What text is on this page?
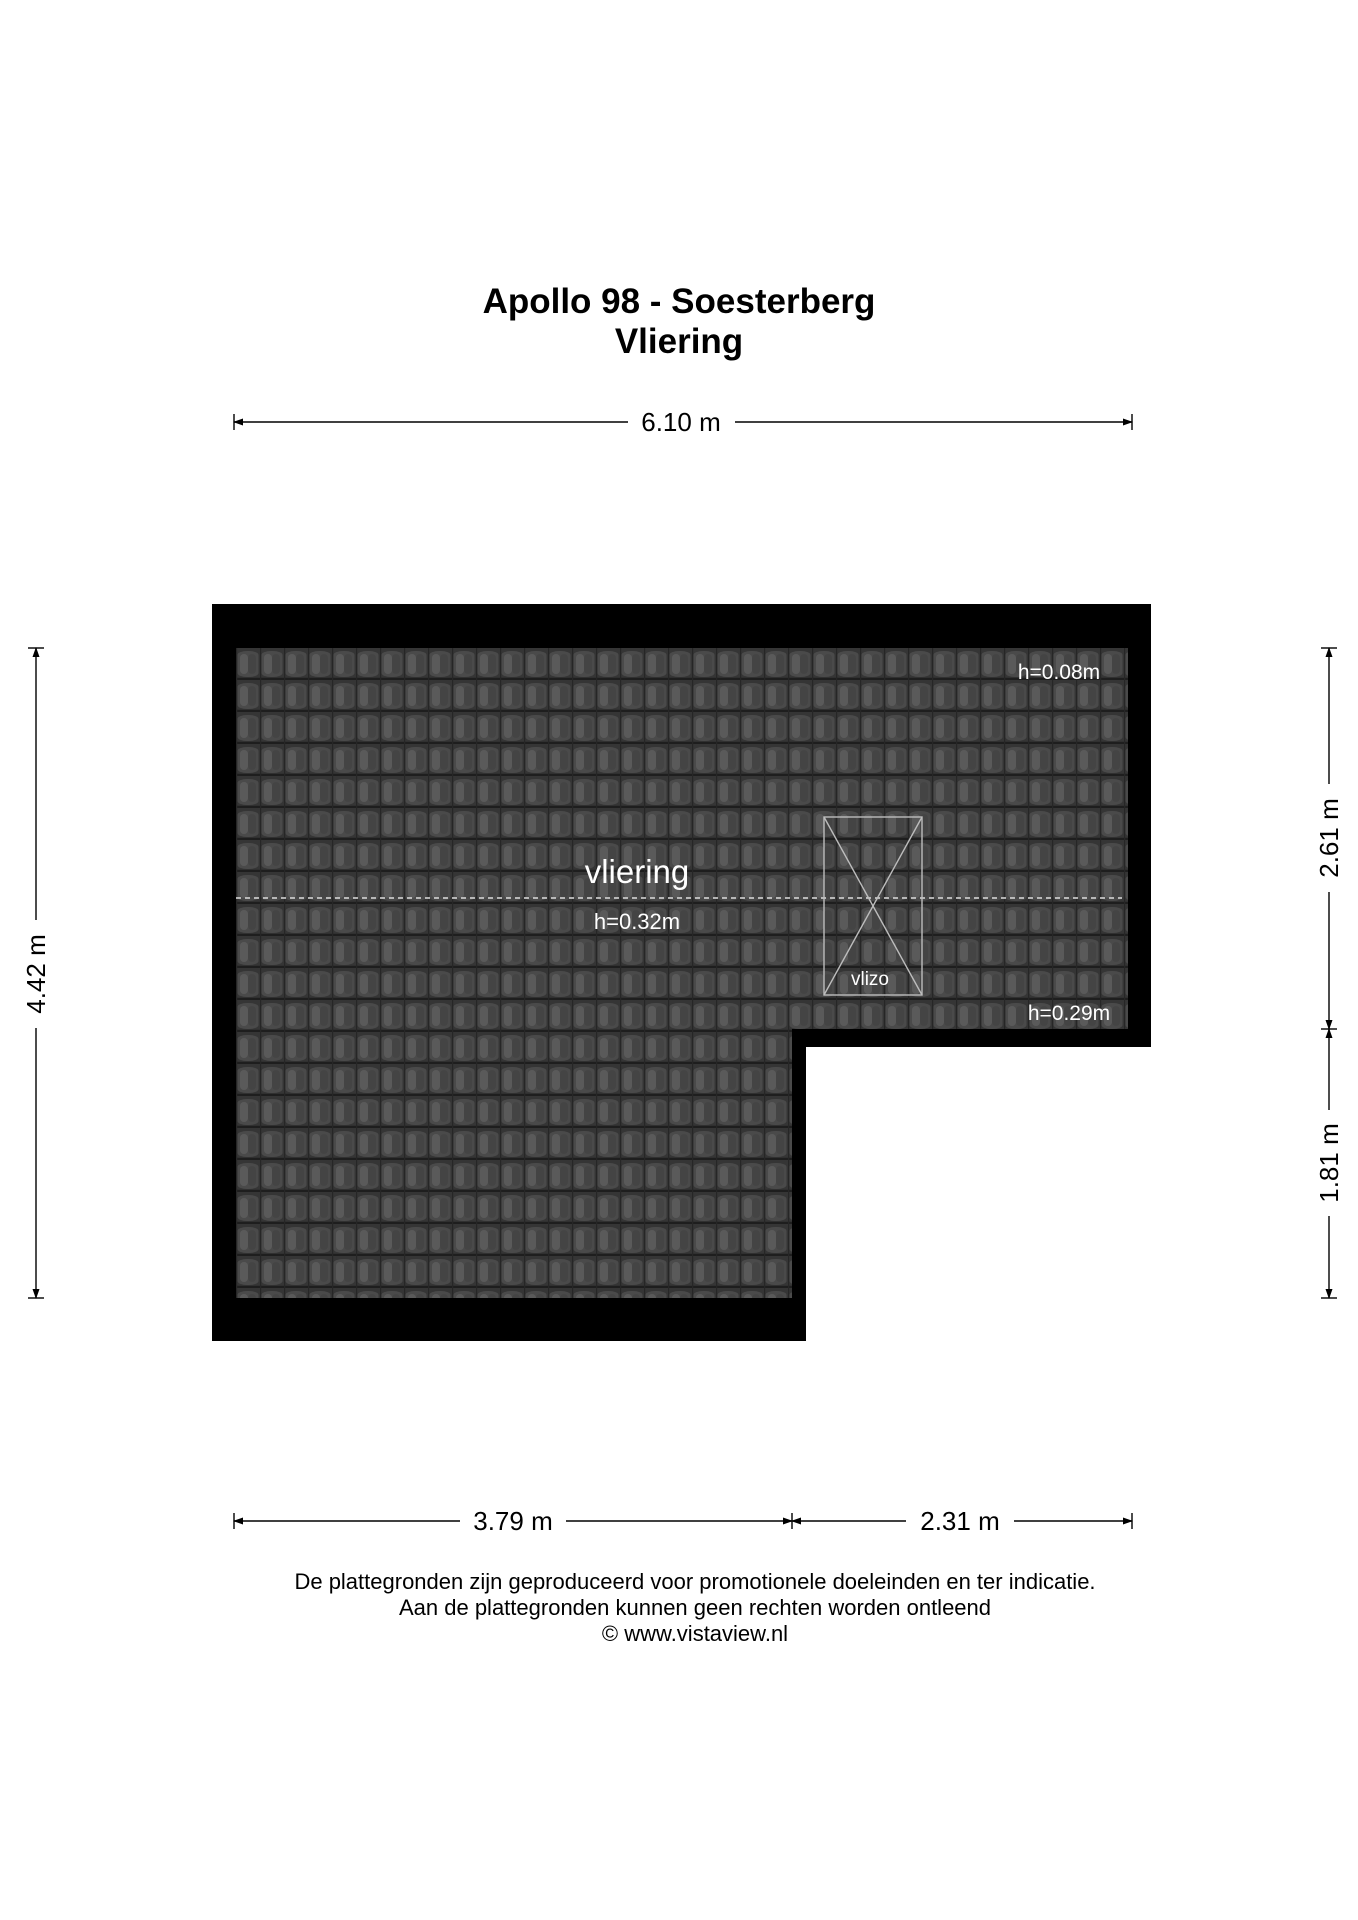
Apollo 98 - Soesterberg
Vliering
vliering
h=0.32m
h=0.08m
h=0.29m
vlizo
6.10 m
4.42 m
2.61 m
1.81 m
3.79 m	2.31 m
De plattegronden zijn geproduceerd voor promotionele doeleinden en ter indicatie.
Aan de plattegronden kunnen geen rechten worden ontleend
© www.vistaview.nl
